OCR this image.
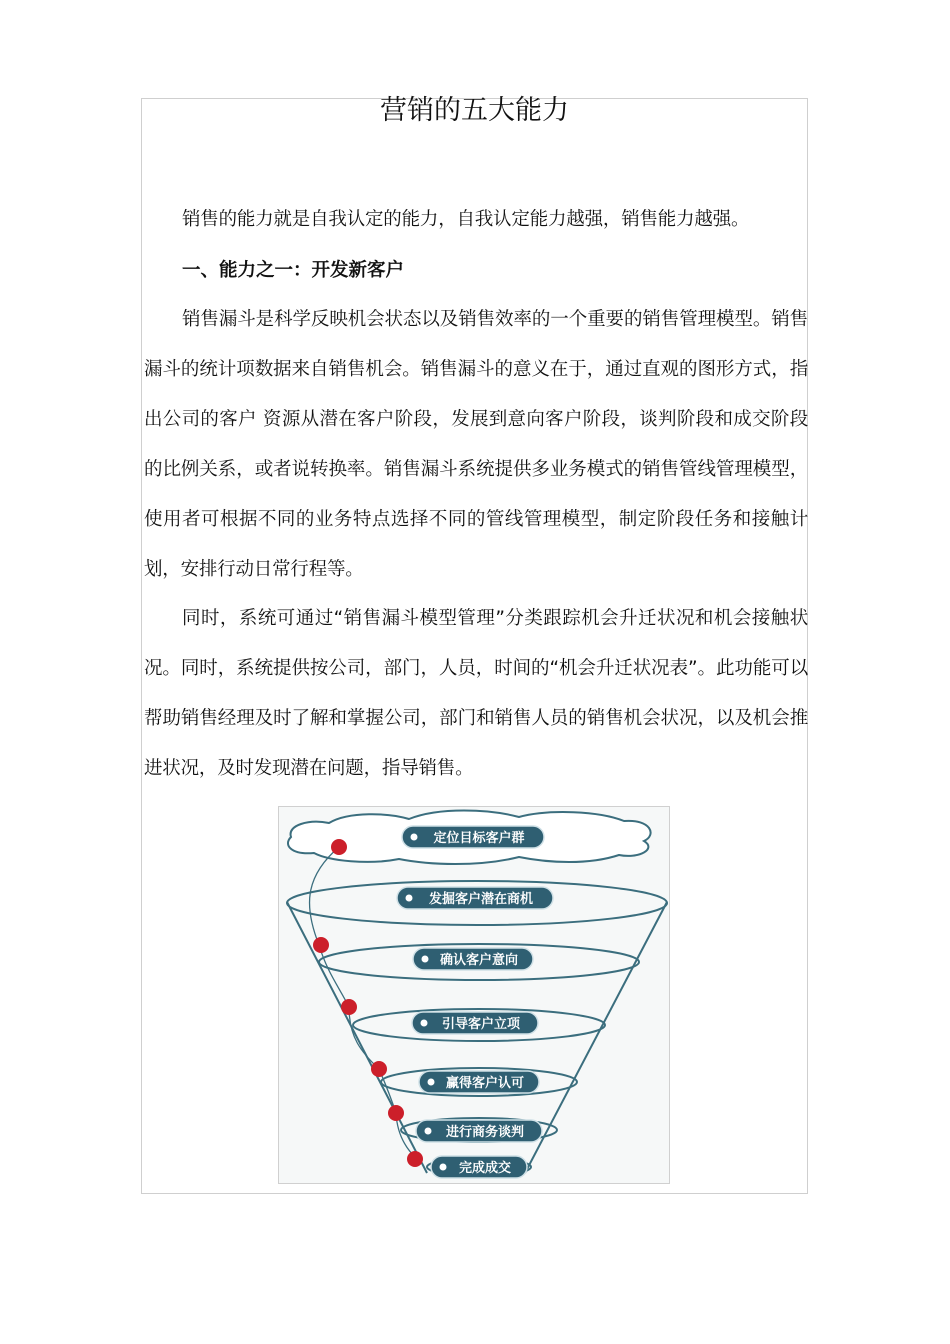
营销的五大能力

销售的能力就是自我认定的能力，自我认定能力越强，销售能力越强。

一、能力之一：开发新客户

销售漏斗是科学反映机会状态以及销售效率的一个重要的销售管理模型。销售漏斗的统计项数据来自销售机会。销售漏斗的意义在于，通过直观的图形方式，指出公司的客户 资源从潜在客户阶段，发展到意向客户阶段，谈判阶段和成交阶段的比例关系，或者说转换率。销售漏斗系统提供多业务模式的销售管线管理模型，使用者可根据不同的业务特点选择不同的管线管理模型，制定阶段任务和接触计划，安排行动日常行程等。

同时，系统可通过“销售漏斗模型管理”分类跟踪机会升迁状况和机会接触状况。同时，系统提供按公司，部门，人员，时间的“机会升迁状况表”。此功能可以帮助销售经理及时了解和掌握公司，部门和销售人员的销售机会状况，以及机会推进状况，及时发现潜在问题，指导销售。

定位目标客户群
发掘客户潜在商机
确认客户意向
引导客户立项
赢得客户认可
进行商务谈判
完成成交
